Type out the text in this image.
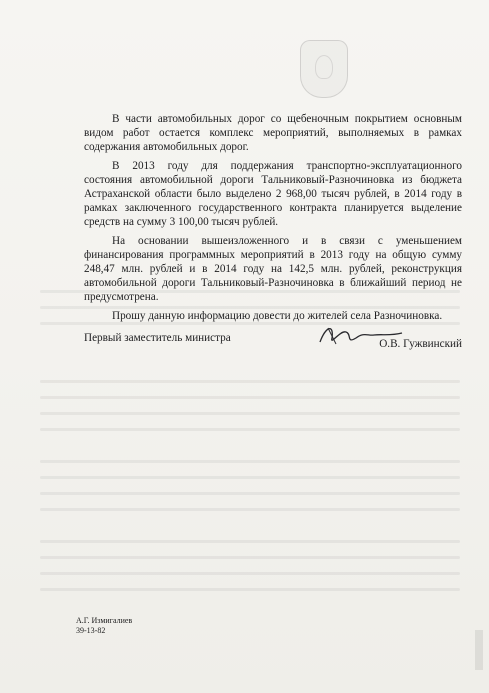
В части автомобильных дорог со щебеночным покрытием основным видом работ остается комплекс мероприятий, выполняемых в рамках содержания автомобильных дорог.

В 2013 году для поддержания транспортно-эксплуатационного состояния автомобильной дороги Тальниковый-Разночиновка из бюджета Астраханской области было выделено 2 968,00 тысяч рублей, в 2014 году в рамках заключенного государственного контракта планируется выделение средств на сумму 3 100,00 тысяч рублей.

На основании вышеизложенного и в связи с уменьшением финансирования программных мероприятий в 2013 году на общую сумму 248,47 млн. рублей и в 2014 году на 142,5 млн. рублей, реконструкция автомобильной дороги Тальниковый-Разночиновка в ближайший период не предусмотрена.

Прошу данную информацию довести до жителей села Разночиновка.

Первый заместитель министра	О.В. Гужвинский
А.Г. Измигалиев
39-13-82
